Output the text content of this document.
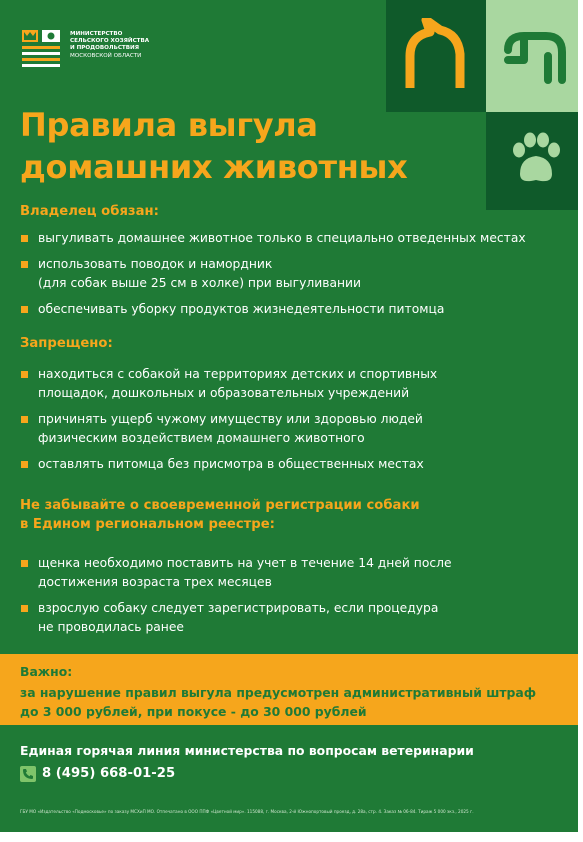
МИНИСТЕРСТВО
СЕЛЬСКОГО ХОЗЯЙСТВА
И ПРОДОВОЛЬСТВИЯ
МОСКОВСКОЙ ОБЛАСТИ
Правила выгула
домашних животных
Владелец обязан:
выгуливать домашнее животное только в специально отведенных местах
использовать поводок и намордник
(для собак выше 25 см в холке) при выгуливании
обеспечивать уборку продуктов жизнедеятельности питомца
Запрещено:
находиться с собакой на территориях детских и спортивных
площадок, дошкольных и образовательных учреждений
причинять ущерб чужому имуществу или здоровью людей
физическим воздействием домашнего животного
оставлять питомца без присмотра в общественных местах
Не забывайте о своевременной регистрации собаки
в Едином региональном реестре:
щенка необходимо поставить на учет в течение 14 дней после
достижения возраста трех месяцев
взрослую собаку следует зарегистрировать, если процедура
не проводилась ранее
Важно:
за нарушение правил выгула предусмотрен административный штраф
до 3 000 рублей, при покусе - до 30 000 рублей
Единая горячая линия министерства по вопросам ветеринарии
8 (495) 668-01-25
ГБУ МО «Издательство «Подмосковье» по заказу МСХиП МО. Отпечатано в ООО ППФ «Цветной мир». 115088, г. Москва, 2-й Южнопортовый проезд, д. 28а, стр. 4. Заказ № 06-84. Тираж 5 000 экз., 2025 г.
